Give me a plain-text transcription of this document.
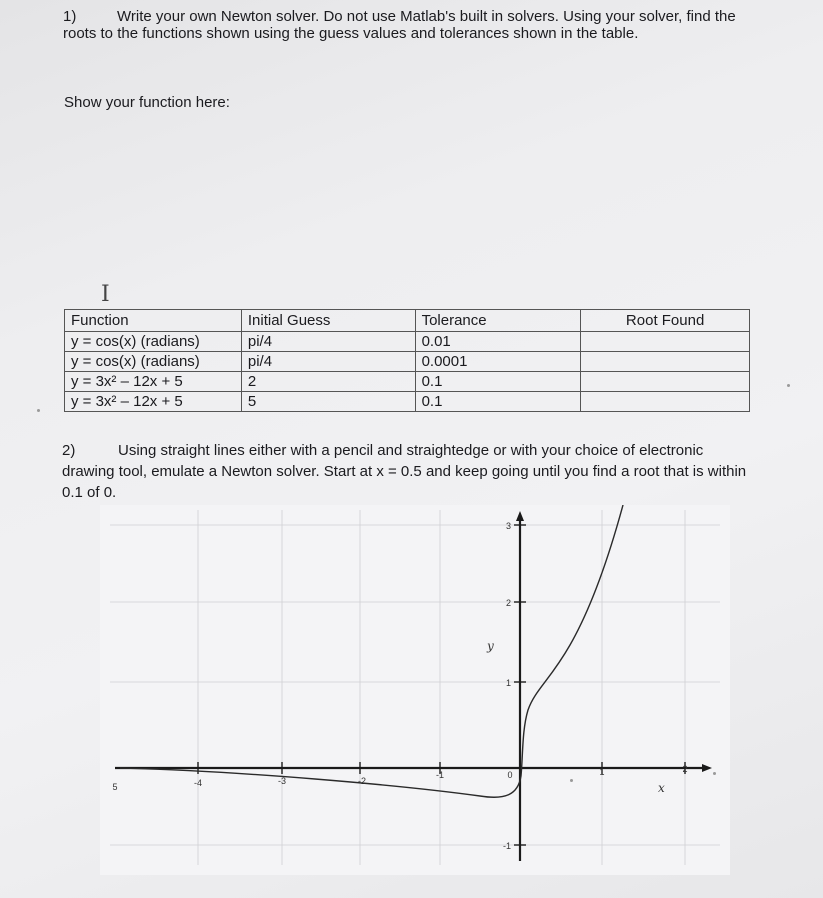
1)	Write your own Newton solver. Do not use Matlab's built in solvers. Using your solver, find the roots to the functions shown using the guess values and tolerances shown in the table.
Show your function here:
I
Function	Initial Guess	Tolerance	Root Found
y = cos(x) (radians)	pi/4	0.01	
y = cos(x) (radians)	pi/4	0.0001	
y = 3x² – 12x + 5	2	0.1	
y = 3x² – 12x + 5	5	0.1	
2)	Using straight lines either with a pencil and straightedge or with your choice of electronic drawing tool, emulate a Newton solver. Start at x = 0.5 and keep going until you find a root that is within 0.1 of 0.
-4	-3	-2
-1	0	1	2
5
3
2
1
-1
x
y
